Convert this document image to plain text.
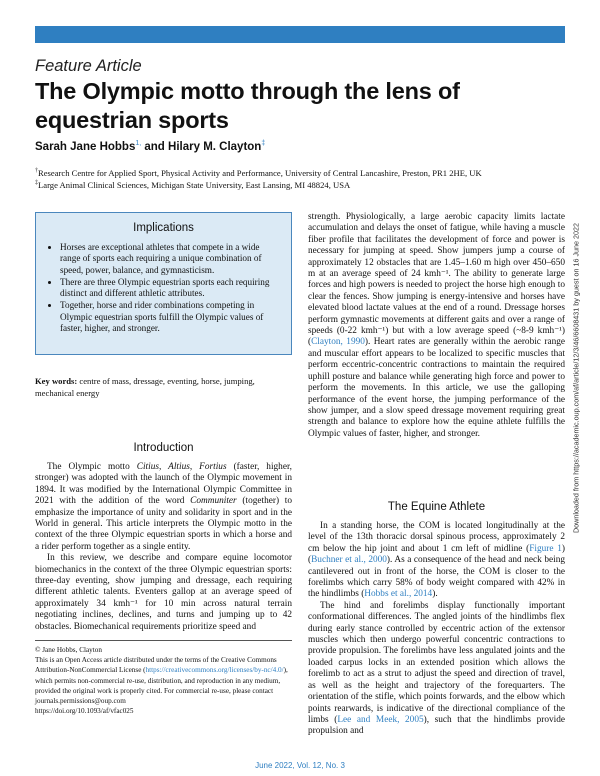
Feature Article
The Olympic motto through the lens of equestrian sports
Sarah Jane Hobbs$^{1,}$ and Hilary M. Clayton‡
†Research Centre for Applied Sport, Physical Activity and Performance, University of Central Lancashire, Preston, PR1 2HE, UK
‡Large Animal Clinical Sciences, Michigan State University, East Lansing, MI 48824, USA
Implications
• Horses are exceptional athletes that compete in a wide range of sports each requiring a unique combination of speed, power, balance, and gymnasticism.
• There are three Olympic equestrian sports each requiring distinct and different athletic attributes.
• Together, horse and rider combinations competing in Olympic equestrian sports fulfill the Olympic values of faster, higher, and stronger.
Key words: centre of mass, dressage, eventing, horse, jumping, mechanical energy
Introduction

The Olympic motto Citius, Altius, Fortius (faster, higher, stronger) was adopted with the launch of the Olympic movement in 1894. It was modified by the International Olympic Committee in 2021 with the addition of the word Communiter (together) to emphasize the importance of unity and solidarity in sport and in the World in general. This article interprets the Olympic motto in the context of the three Olympic equestrian sports in which a horse and a rider perform together as a single entity.

In this review, we describe and compare equine locomotor biomechanics in the context of the three Olympic equestrian sports: three-day eventing, show jumping and dressage, each requiring different athletic talents. Eventers gallop at an average speed of approximately 34 kmh⁻¹ for 10 min across natural terrain negotiating inclines, declines, and turns and jumping up to 42 obstacles. Biomechanical requirements prioritize speed and

strength. Physiologically, a large aerobic capacity limits lactate accumulation and delays the onset of fatigue, while having a muscle fiber profile that facilitates the development of force and power is necessary for jumping at speed. Show jumpers jump a course of approximately 12 obstacles that are 1.45–1.60 m high over 450–650 m at an average speed of 24 kmh⁻¹. The ability to generate large forces and high powers is needed to project the horse high enough to clear the fences. Show jumping is energy-intensive and horses have elevated blood lactate values at the end of a round. Dressage horses perform gymnastic movements at different gaits and over a range of speeds (0-22 kmh⁻¹) but with a low average speed (~8-9 kmh⁻¹) (Clayton, 1990). Heart rates are generally within the aerobic range and muscular effort appears to be localized to specific muscles that perform eccentric-concentric contractions to maintain the required uphill posture and balance while generating high force and power to perform the movements. In this article, we use the galloping performance of the event horse, the jumping performance of the show jumper, and a slow speed dressage movement requiring great strength and balance to explore how the equine athlete fulfills the Olympic values of faster, higher, and stronger.

The Equine Athlete

In a standing horse, the COM is located longitudinally at the level of the 13th thoracic dorsal spinous process, approximately 2 cm below the hip joint and about 1 cm left of midline (Figure 1)(Buchner et al., 2000). As a consequence of the head and neck being cantilevered out in front of the horse, the COM is closer to the forelimbs which carry 58% of body weight compared with 42% in the hindlimbs (Hobbs et al., 2014).

The hind and forelimbs display functionally important conformational differences. The angled joints of the hindlimbs flex during early stance controlled by eccentric action of the extensor muscles which then undergo powerful concentric contractions to provide propulsion. The forelimbs have less angulated joints and the loaded carpus locks in an extended position which allows the forelimb to act as a strut to adjust the speed and direction of travel, as well as the height and trajectory of the forequarters. The orientation of the stifle, which points forwards, and the elbow which points rearwards, is indicative of the directional compliance of the limbs (Lee and Meek, 2005), such that the hindlimbs provide propulsion and

© Jane Hobbs, Clayton
This is an Open Access article distributed under the terms of the Creative Commons Attribution-NonCommercial License (https://creativecommons.org/licenses/by-nc/4.0/), which permits non-commercial re-use, distribution, and reproduction in any medium, provided the original work is properly cited. For commercial re-use, please contact journals.permissions@oup.com
https://doi.org/10.1093/af/vfac025
June 2022, Vol. 12, No. 3
Downloaded from https://academic.oup.com/af/article/12/3/46/6608431 by guest on 16 June 2022
